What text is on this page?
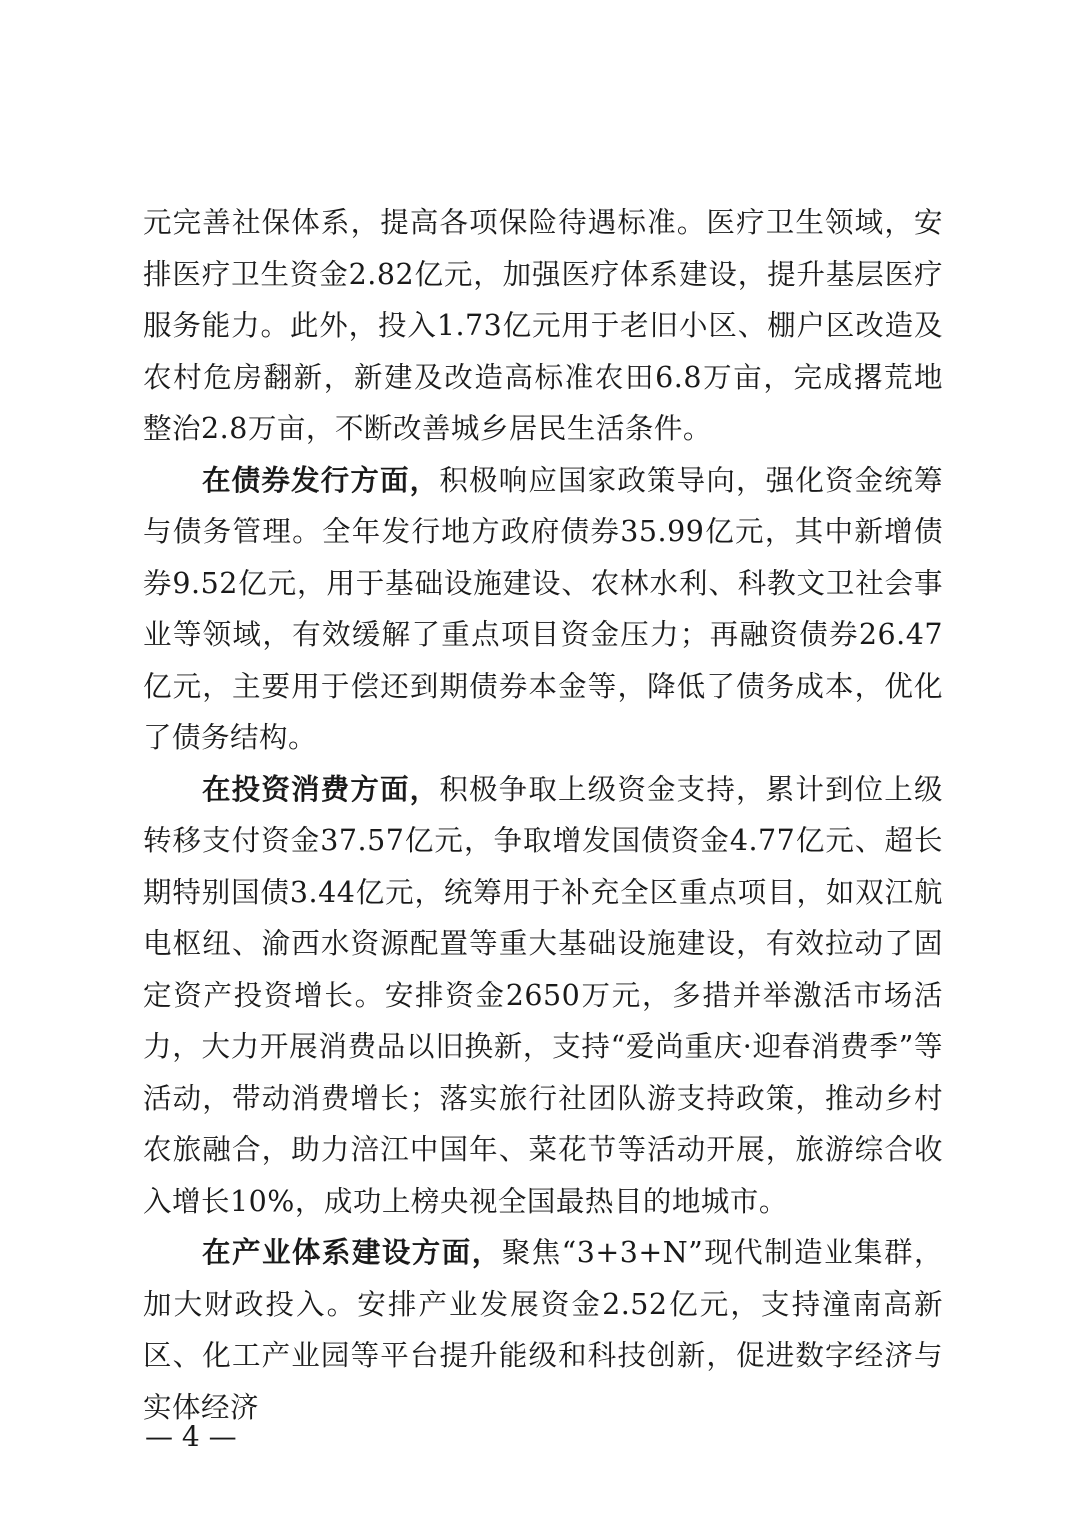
元完善社保体系，提高各项保险待遇标准。医疗卫生领域，安排医疗卫生资金2.82亿元，加强医疗体系建设，提升基层医疗服务能力。此外，投入1.73亿元用于老旧小区、棚户区改造及农村危房翻新，新建及改造高标准农田6.8万亩，完成撂荒地整治2.8万亩，不断改善城乡居民生活条件。

在债券发行方面，积极响应国家政策导向，强化资金统筹与债务管理。全年发行地方政府债券35.99亿元，其中新增债券9.52亿元，用于基础设施建设、农林水利、科教文卫社会事业等领域，有效缓解了重点项目资金压力；再融资债券26.47亿元，主要用于偿还到期债券本金等，降低了债务成本，优化了债务结构。

在投资消费方面，积极争取上级资金支持，累计到位上级转移支付资金37.57亿元，争取增发国债资金4.77亿元、超长期特别国债3.44亿元，统筹用于补充全区重点项目，如双江航电枢纽、渝西水资源配置等重大基础设施建设，有效拉动了固定资产投资增长。安排资金2650万元，多措并举激活市场活力，大力开展消费品以旧换新，支持“爱尚重庆·迎春消费季”等活动，带动消费增长；落实旅行社团队游支持政策，推动乡村农旅融合，助力涪江中国年、菜花节等活动开展，旅游综合收入增长10%，成功上榜央视全国最热目的地城市。

在产业体系建设方面，聚焦“3+3+N”现代制造业集群，加大财政投入。安排产业发展资金2.52亿元，支持潼南高新区、化工产业园等平台提升能级和科技创新，促进数字经济与实体经济

— 4 —
